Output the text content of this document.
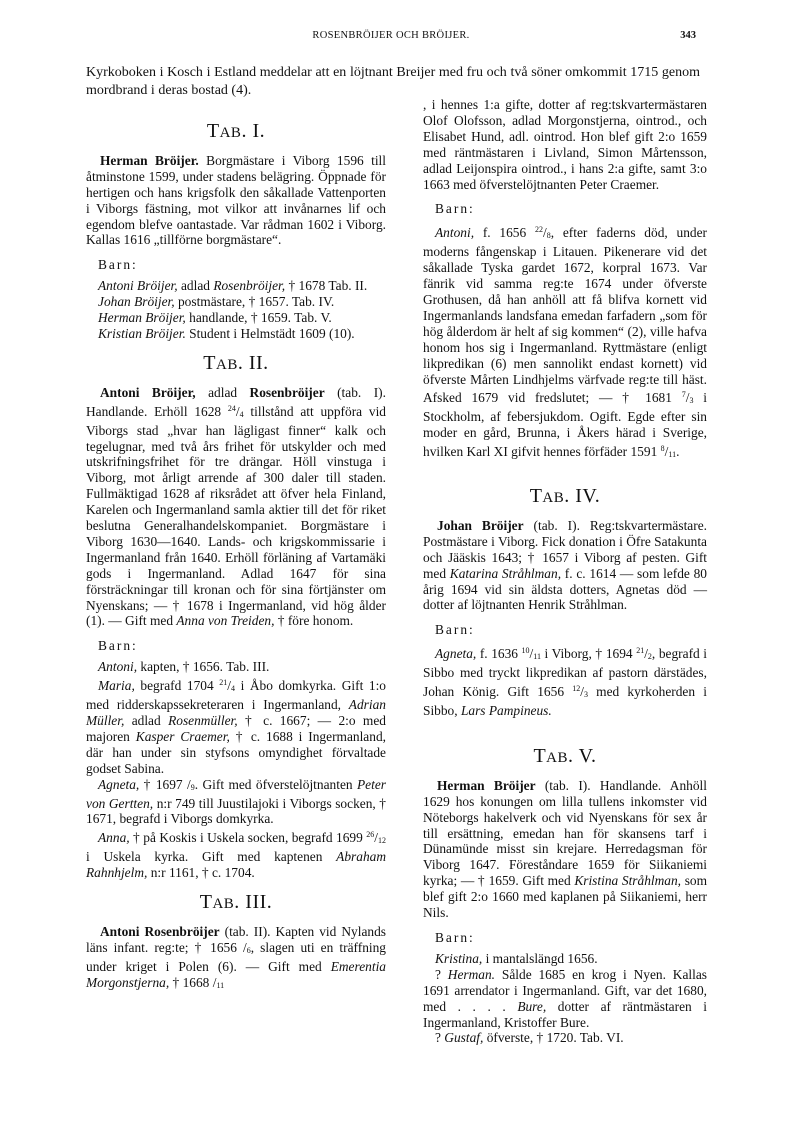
ROSENBRÖIJER OCH BRÖIJER.	343

Kyrkoboken i Kosch i Estland meddelar att en löjtnant Breijer med fru och två söner omkommit 1715 genom mordbrand i deras bostad (4).

TAB. I.

Herman Bröijer. Borgmästare i Viborg 1596 till åtminstone 1599, under stadens belägring. Öppnade för hertigen och hans krigsfolk den såkallade Vattenporten i Viborgs fästning, mot vilkor att invånarnes lif och egendom blefve oantastade. Var rådman 1602 i Viborg. Kallas 1616 „tillförne borgmästare“.

Barn:

Antoni Bröijer, adlad Rosenbröijer, † 1678 Tab. II.

Johan Bröijer, postmästare, † 1657. Tab. IV.

Herman Bröijer, handlande, † 1659. Tab. V.

Kristian Bröijer. Student i Helmstädt 1609 (10).

TAB. II.

Antoni Bröijer, adlad Rosenbröijer (tab. I). Handlande. Erhöll 1628 $^{24}/_4$ tillstånd att uppföra vid Viborgs stad „hvar han lägligast finner“ kalk och tegelugnar, med två års frihet för utskylder och med utskrifningsfrihet för tre drängar. Höll vinstuga i Viborg, mot årligt arrende af 300 daler till staden. Fullmäktigad 1628 af riksrådet att öfver hela Finland, Karelen och Ingermanland samla aktier till det för riket beslutna Generalhandelskompaniet. Borgmästare i Viborg 1630—1640. Lands- och krigskommissarie i Ingermanland från 1640. Erhöll förläning af Vartamäki gods i Ingermanland. Adlad 1647 för sina försträckningar till kronan och för sina förtjänster om Nyenskans; — † 1678 i Ingermanland, vid hög ålder (1). — Gift med Anna von Treiden, † före honom.

Barn:

Antoni, kapten, † 1656. Tab. III.

Maria, begrafd 1704 $^{21}/_4$ i Åbo domkyrka. Gift 1:o med ridderskapssekreteraren i Ingermanland, Adrian Müller, adlad Rosenmüller, † c. 1667; — 2:o med majoren Kasper Craemer, † c. 1688 i Ingermanland, där han under sin styfsons omyndighet förvaltade godset Sabina.

Agneta, † 1697 $/_9$. Gift med öfverstelöjtnanten Peter von Gertten, n:r 749 till Juustilajoki i Viborgs socken, † 1671, begrafd i Viborgs domkyrka.

Anna, † på Koskis i Uskela socken, begrafd 1699 $^{26}/_{12}$ i Uskela kyrka. Gift med kaptenen Abraham Rahnhjelm, n:r 1161, † c. 1704.

TAB. III.

Antoni Rosenbröijer (tab. II). Kapten vid Nylands läns infant. reg:te; † 1656 $/_6$, slagen uti en träffning under kriget i Polen (6). — Gift med Emerentia Morgonstjerna, † 1668 $/_{11}$

, i hennes 1:a gifte, dotter af reg:tskvartermästaren Olof Olofsson, adlad Morgonstjerna, ointrod., och Elisabet Hund, adl. ointrod. Hon blef gift 2:o 1659 med räntmästaren i Livland, Simon Mårtensson, adlad Leijonspira ointrod., i hans 2:a gifte, samt 3:o 1663 med öfverstelöjtnanten Peter Craemer.

Barn:

Antoni, f. 1656 $^{22}/_8$, efter faderns död, under moderns fångenskap i Litauen. Pikenerare vid det såkallade Tyska gardet 1672, korpral 1673. Var fänrik vid samma reg:te 1674 under öfverste Grothusen, då han anhöll att få blifva kornett vid Ingermanlands landsfana emedan farfadern „som för hög ålderdom är helt af sig kommen“ (2), ville hafva honom hos sig i Ingermanland. Ryttmästare (enligt likpredikan (6) men sannolikt endast kornett) vid öfverste Mårten Lindhjelms värfvade reg:te till häst. Afsked 1679 vid fredslutet; — † 1681 $^7/_3$ i Stockholm, af febersjukdom. Ogift. Egde efter sin moder en gård, Brunna, i Åkers härad i Sverige, hvilken Karl XI gifvit hennes förfäder 1591 $^8/_{11}$.

TAB. IV.

Johan Bröijer (tab. I). Reg:tskvartermästare. Postmästare i Viborg. Fick donation i Öfre Satakunta och Jääskis 1643; † 1657 i Viborg af pesten. Gift med Katarina Stråhlman, f. c. 1614 — som lefde 80 årig 1694 vid sin äldsta dotters, Agnetas död — dotter af löjtnanten Henrik Stråhlman.

Barn:

Agneta, f. 1636 $^{10}/_{11}$ i Viborg, † 1694 $^{21}/_2$, begrafd i Sibbo med tryckt likpredikan af pastorn därstädes, Johan König. Gift 1656 $^{12}/_3$ med kyrkoherden i Sibbo, Lars Pampineus.

TAB. V.

Herman Bröijer (tab. I). Handlande. Anhöll 1629 hos konungen om lilla tullens inkomster vid Nöteborgs hakelverk och vid Nyenskans för sex år till ersättning, emedan han för skansens tarf i Dünamünde misst sin krejare. Herredagsman för Viborg 1647. Föreståndare 1659 för Siikaniemi kyrka; — † 1659. Gift med Kristina Stråhlman, som blef gift 2:o 1660 med kaplanen på Siikaniemi, herr Nils.

Barn:

Kristina, i mantalslängd 1656.

? Herman. Sålde 1685 en krog i Nyen. Kallas 1691 arrendator i Ingermanland. Gift, var det 1680, med . . . . Bure, dotter af räntmästaren i Ingermanland, Kristoffer Bure.

? Gustaf, öfverste, † 1720. Tab. VI.
